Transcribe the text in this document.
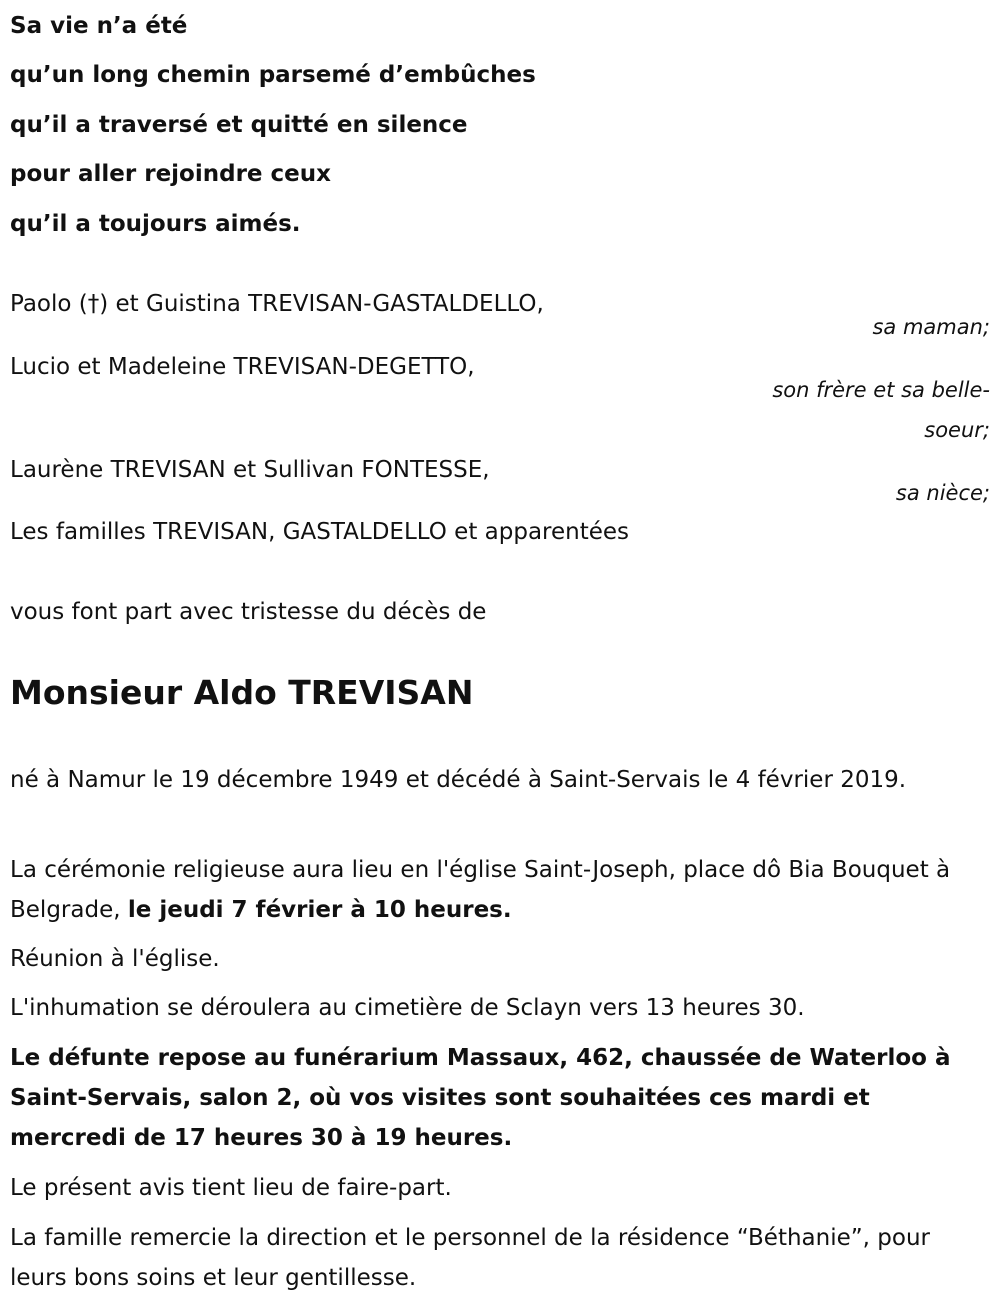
Sa vie n’a été
qu’un long chemin parsemé d’embûches
qu’il a traversé et quitté en silence
pour aller rejoindre ceux
qu’il a toujours aimés.
Paolo (†) et Guistina TREVISAN-GASTALDELLO,
sa maman;
Lucio et Madeleine TREVISAN-DEGETTO,
son frère et sa belle-soeur;
Laurène TREVISAN et Sullivan FONTESSE,
sa nièce;
Les familles TREVISAN, GASTALDELLO et apparentées
vous font part avec tristesse du décès de
Monsieur Aldo TREVISAN
né à Namur le 19 décembre 1949 et décédé à Saint-Servais le 4 février 2019.
La cérémonie religieuse aura lieu en l'église Saint-Joseph, place dô Bia Bouquet à Belgrade, le jeudi 7 février à 10 heures.
Réunion à l'église.
L'inhumation se déroulera au cimetière de Sclayn vers 13 heures 30.
Le défunte repose au funérarium Massaux, 462, chaussée de Waterloo à Saint-Servais, salon 2, où vos visites sont souhaitées ces mardi et mercredi de 17 heures 30 à 19 heures.
Le présent avis tient lieu de faire-part.
La famille remercie la direction et le personnel de la résidence “Béthanie”, pour leurs bons soins et leur gentillesse.
